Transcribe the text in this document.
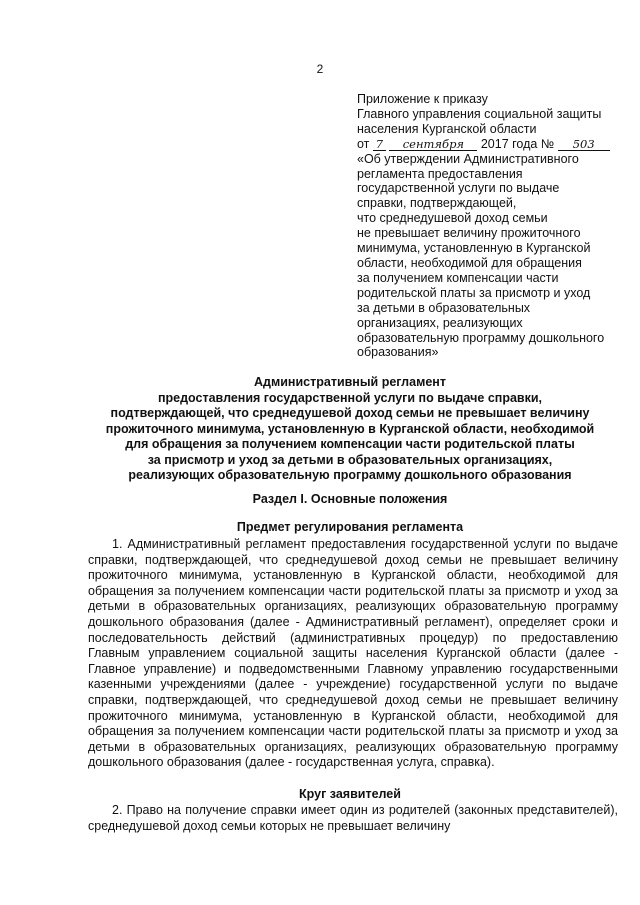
2
Приложение к приказу
Главного управления социальной защиты
населения Курганской области
от 7 сентября 2017 года № 503
«Об утверждении Административного
регламента предоставления
государственной услуги по выдаче
справки, подтверждающей,
что среднедушевой доход семьи
не превышает величину прожиточного
минимума, установленную в Курганской
области, необходимой для обращения
за получением компенсации части
родительской платы за присмотр и уход
за детьми в образовательных
организациях, реализующих
образовательную программу дошкольного
образования»
Административный регламент
предоставления государственной услуги по выдаче справки,
подтверждающей, что среднедушевой доход семьи не превышает величину
прожиточного минимума, установленную в Курганской области, необходимой
для обращения за получением компенсации части родительской платы
за присмотр и уход за детьми в образовательных организациях,
реализующих образовательную программу дошкольного образования
Раздел I. Основные положения
Предмет регулирования регламента
1. Административный регламент предоставления государственной услуги по выдаче справки, подтверждающей, что среднедушевой доход семьи не превышает величину прожиточного минимума, установленную в Курганской области, необходимой для обращения за получением компенсации части родительской платы за присмотр и уход за детьми в образовательных организациях, реализующих образовательную программу дошкольного образования (далее - Административный регламент), определяет сроки и последовательность действий (административных процедур) по предоставлению Главным управлением социальной защиты населения Курганской области (далее - Главное управление) и подведомственными Главному управлению государственными казенными учреждениями (далее - учреждение) государственной услуги по выдаче справки, подтверждающей, что среднедушевой доход семьи не превышает величину прожиточного минимума, установленную в Курганской области, необходимой для обращения за получением компенсации части родительской платы за присмотр и уход за детьми в образовательных организациях, реализующих образовательную программу дошкольного образования (далее - государственная услуга, справка).
Круг заявителей
2. Право на получение справки имеет один из родителей (законных представителей), среднедушевой доход семьи которых не превышает величину
